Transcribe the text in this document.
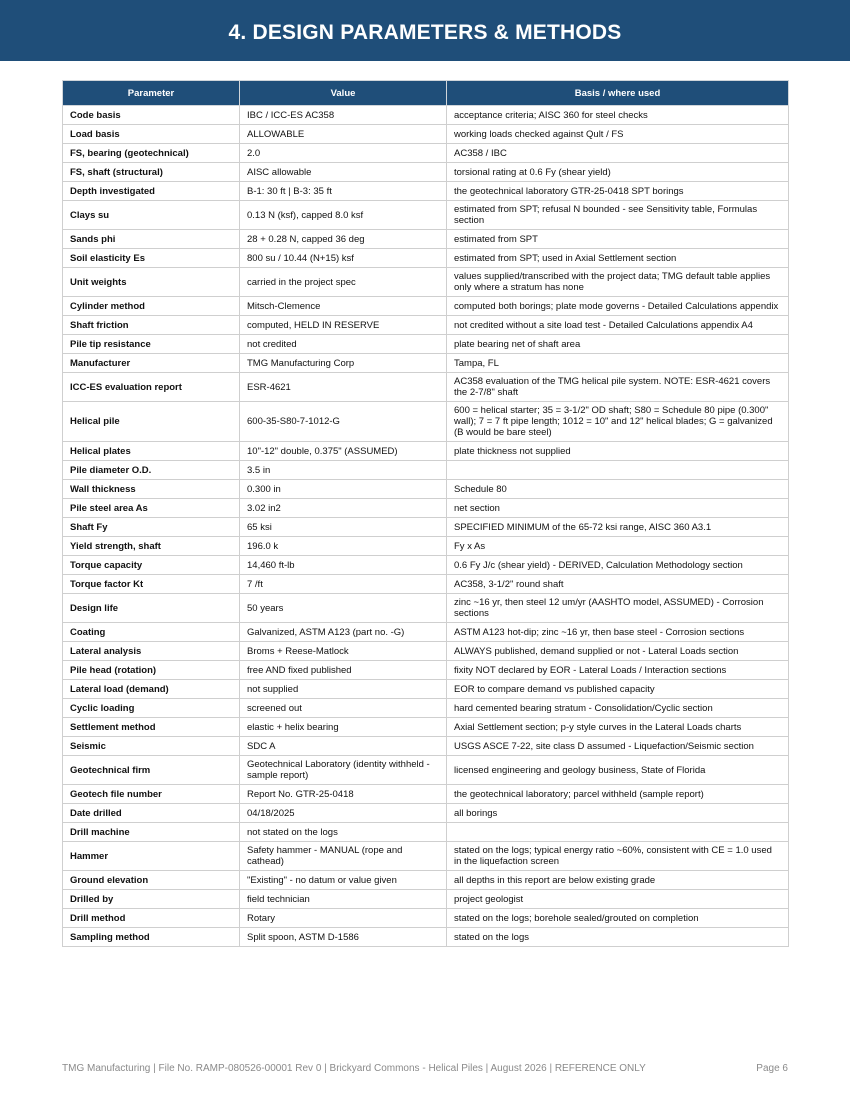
4. DESIGN PARAMETERS & METHODS
Parameter	Value	Basis / where used
Code basis	IBC / ICC-ES AC358	acceptance criteria; AISC 360 for steel checks
Load basis	ALLOWABLE	working loads checked against Qult / FS
FS, bearing (geotechnical)	2.0	AC358 / IBC
FS, shaft (structural)	AISC allowable	torsional rating at 0.6 Fy (shear yield)
Depth investigated	B-1: 30 ft | B-3: 35 ft	the geotechnical laboratory GTR-25-0418 SPT borings
Clays su	0.13 N (ksf), capped 8.0 ksf	estimated from SPT; refusal N bounded - see Sensitivity table, Formulas section
Sands phi	28 + 0.28 N, capped 36 deg	estimated from SPT
Soil elasticity Es	800 su / 10.44 (N+15) ksf	estimated from SPT; used in Axial Settlement section
Unit weights	carried in the project spec	values supplied/transcribed with the project data; TMG default table applies only where a stratum has none
Cylinder method	Mitsch-Clemence	computed both borings; plate mode governs - Detailed Calculations appendix
Shaft friction	computed, HELD IN RESERVE	not credited without a site load test - Detailed Calculations appendix A4
Pile tip resistance	not credited	plate bearing net of shaft area
Manufacturer	TMG Manufacturing Corp	Tampa, FL
ICC-ES evaluation report	ESR-4621	AC358 evaluation of the TMG helical pile system. NOTE: ESR-4621 covers the 2-7/8" shaft
Helical pile	600-35-S80-7-1012-G	600 = helical starter; 35 = 3-1/2" OD shaft; S80 = Schedule 80 pipe (0.300" wall); 7 = 7 ft pipe length; 1012 = 10" and 12" helical blades; G = galvanized (B would be bare steel)
Helical plates	10"-12" double, 0.375" (ASSUMED)	plate thickness not supplied
Pile diameter O.D.	3.5 in	
Wall thickness	0.300 in	Schedule 80
Pile steel area As	3.02 in2	net section
Shaft Fy	65 ksi	SPECIFIED MINIMUM of the 65-72 ksi range, AISC 360 A3.1
Yield strength, shaft	196.0 k	Fy x As
Torque capacity	14,460 ft-lb	0.6 Fy J/c (shear yield) - DERIVED, Calculation Methodology section
Torque factor Kt	7 /ft	AC358, 3-1/2" round shaft
Design life	50 years	zinc ~16 yr, then steel 12 um/yr (AASHTO model, ASSUMED) - Corrosion sections
Coating	Galvanized, ASTM A123 (part no. -G)	ASTM A123 hot-dip; zinc ~16 yr, then base steel - Corrosion sections
Lateral analysis	Broms + Reese-Matlock	ALWAYS published, demand supplied or not - Lateral Loads section
Pile head (rotation)	free AND fixed published	fixity NOT declared by EOR - Lateral Loads / Interaction sections
Lateral load (demand)	not supplied	EOR to compare demand vs published capacity
Cyclic loading	screened out	hard cemented bearing stratum - Consolidation/Cyclic section
Settlement method	elastic + helix bearing	Axial Settlement section; p-y style curves in the Lateral Loads charts
Seismic	SDC A	USGS ASCE 7-22, site class D assumed - Liquefaction/Seismic section
Geotechnical firm	Geotechnical Laboratory (identity withheld - sample report)	licensed engineering and geology business, State of Florida
Geotech file number	Report No. GTR-25-0418	the geotechnical laboratory; parcel withheld (sample report)
Date drilled	04/18/2025	all borings
Drill machine	not stated on the logs	
Hammer	Safety hammer - MANUAL (rope and cathead)	stated on the logs; typical energy ratio ~60%, consistent with CE = 1.0 used in the liquefaction screen
Ground elevation	"Existing" - no datum or value given	all depths in this report are below existing grade
Drilled by	field technician	project geologist
Drill method	Rotary	stated on the logs; borehole sealed/grouted on completion
Sampling method	Split spoon, ASTM D-1586	stated on the logs
TMG Manufacturing | File No. RAMP-080526-00001 Rev 0 | Brickyard Commons - Helical Piles | August 2026 | REFERENCE ONLY	Page 6
